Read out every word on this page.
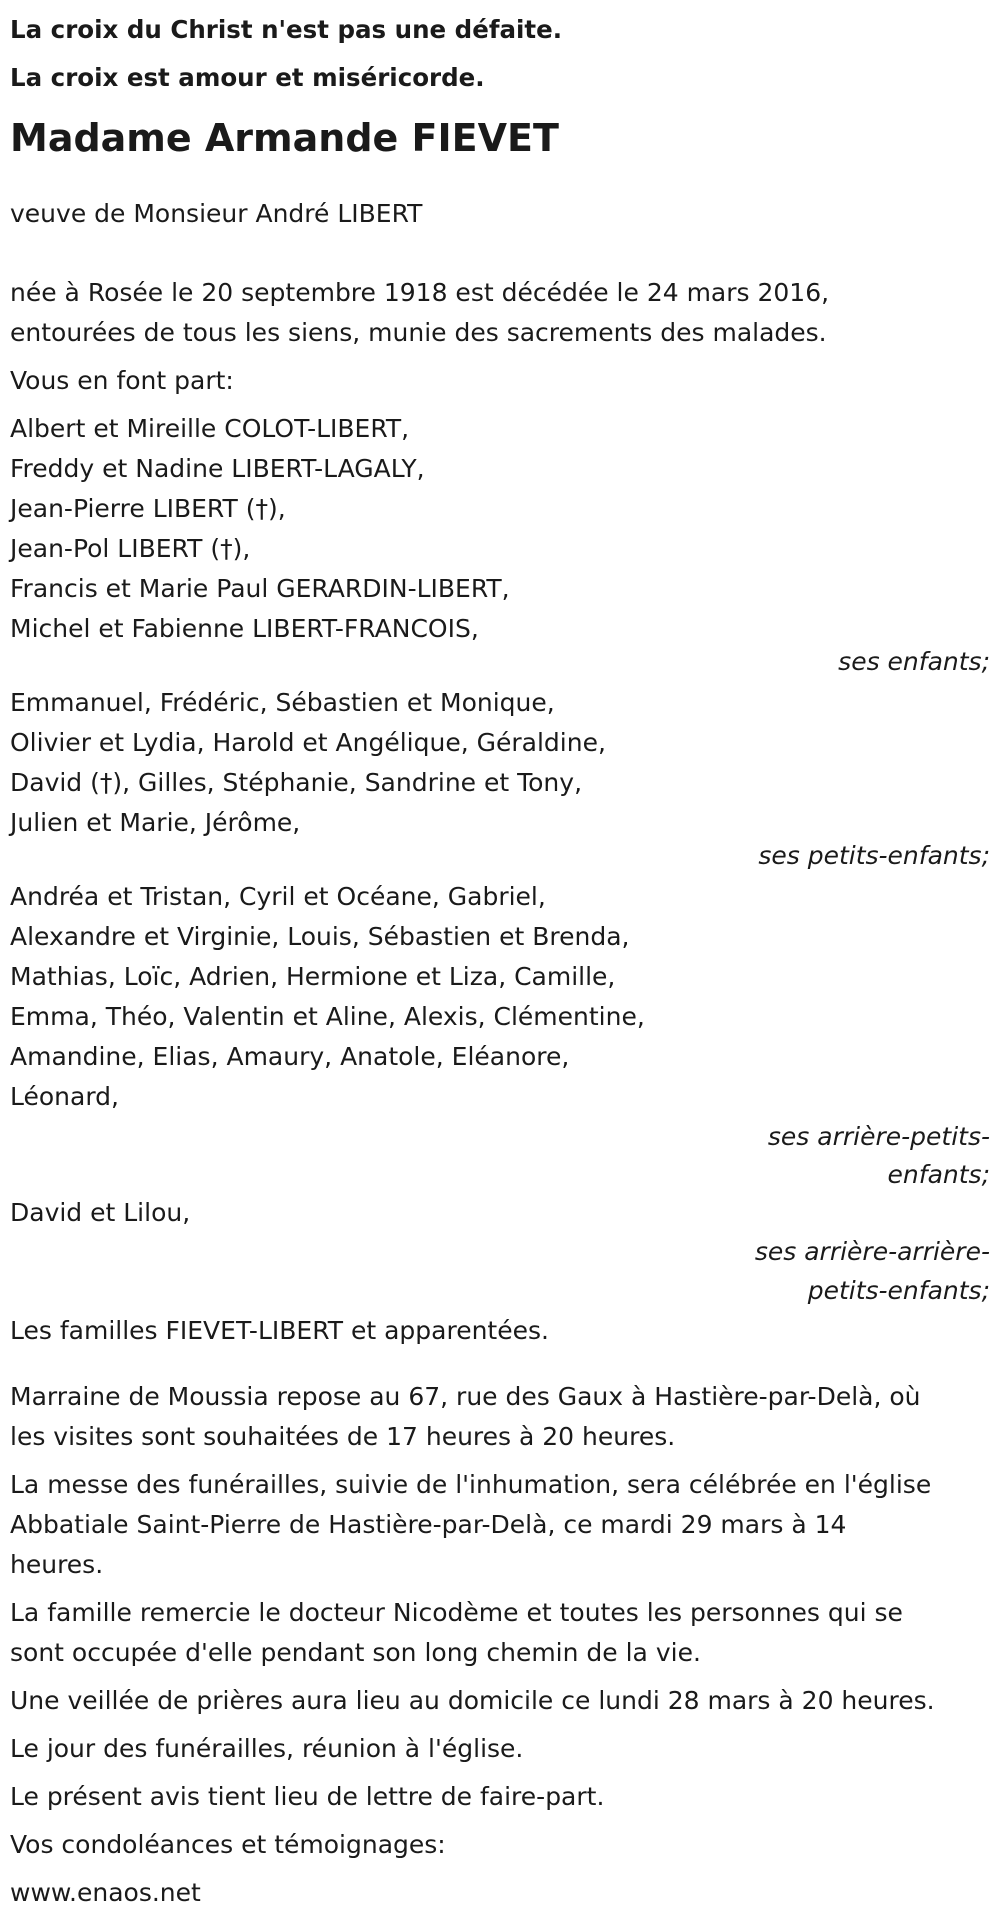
La croix du Christ n'est pas une défaite.

La croix est amour et miséricorde.

Madame Armande FIEVET

veuve de Monsieur André LIBERT

née à Rosée le 20 septembre 1918 est décédée le 24 mars 2016,
entourées de tous les siens, munie des sacrements des malades.

Vous en font part:

Albert et Mireille COLOT-LIBERT,
Freddy et Nadine LIBERT-LAGALY,
Jean-Pierre LIBERT (†),
Jean-Pol LIBERT (†),
Francis et Marie Paul GERARDIN-LIBERT,
Michel et Fabienne LIBERT-FRANCOIS,
ses enfants;
Emmanuel, Frédéric, Sébastien et Monique,
Olivier et Lydia, Harold et Angélique, Géraldine,
David (†), Gilles, Stéphanie, Sandrine et Tony,
Julien et Marie, Jérôme,
ses petits-enfants;
Andréa et Tristan, Cyril et Océane, Gabriel,
Alexandre et Virginie, Louis, Sébastien et Brenda,
Mathias, Loïc, Adrien, Hermione et Liza, Camille,
Emma, Théo, Valentin et Aline, Alexis, Clémentine,
Amandine, Elias, Amaury, Anatole, Eléanore,
Léonard,
ses arrière-petits-
enfants;
David et Lilou,
ses arrière-arrière-
petits-enfants;

Les familles FIEVET-LIBERT et apparentées.

Marraine de Moussia repose au 67, rue des Gaux à Hastière-par-Delà, où
les visites sont souhaitées de 17 heures à 20 heures.

La messe des funérailles, suivie de l'inhumation, sera célébrée en l'église
Abbatiale Saint-Pierre de Hastière-par-Delà, ce mardi 29 mars à 14
heures.

La famille remercie le docteur Nicodème et toutes les personnes qui se
sont occupée d'elle pendant son long chemin de la vie.

Une veillée de prières aura lieu au domicile ce lundi 28 mars à 20 heures.

Le jour des funérailles, réunion à l'église.

Le présent avis tient lieu de lettre de faire-part.

Vos condoléances et témoignages:

www.enaos.net
